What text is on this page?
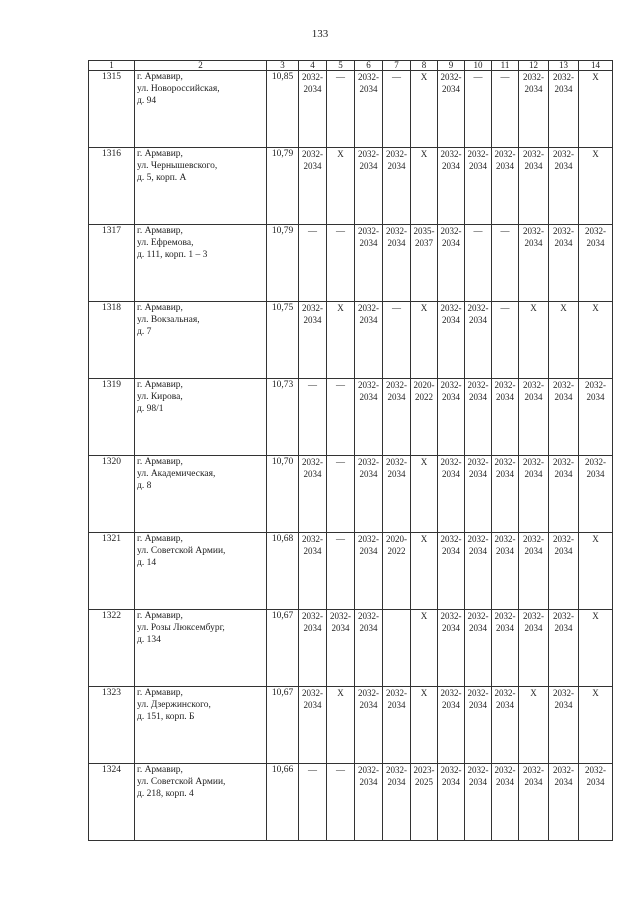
133
1	2	3	4	5	6	7	8	9	10	11	12	13	14
1315	г. Армавир,
ул. Новороссийская,
д. 94	10,85	2032-
2034	—	2032-
2034	—	X	2032-
2034	—	—	2032-
2034	2032-
2034	X

1316	г. Армавир,
ул. Чернышевского,
д. 5, корп. А	10,79	2032-
2034	X	2032-
2034	2032-
2034	X	2032-
2034	2032-
2034	2032-
2034	2032-
2034	2032-
2034	X

1317	г. Армавир,
ул. Ефремова,
д. 111, корп. 1 – 3	10,79	—	—	2032-
2034	2032-
2034	2035-
2037	2032-
2034	—	—	2032-
2034	2032-
2034	2032-
2034

1318	г. Армавир,
ул. Вокзальная,
д. 7	10,75	2032-
2034	X	2032-
2034	—	X	2032-
2034	2032-
2034	—	X	X	X

1319	г. Армавир,
ул. Кирова,
д. 98/1	10,73	—	—	2032-
2034	2032-
2034	2020-
2022	2032-
2034	2032-
2034	2032-
2034	2032-
2034	2032-
2034	2032-
2034

1320	г. Армавир,
ул. Академическая,
д. 8	10,70	2032-
2034	—	2032-
2034	2032-
2034	X	2032-
2034	2032-
2034	2032-
2034	2032-
2034	2032-
2034	2032-
2034

1321	г. Армавир,
ул. Советской Армии,
д. 14	10,68	2032-
2034	—	2032-
2034	2020-
2022	X	2032-
2034	2032-
2034	2032-
2034	2032-
2034	2032-
2034	X

1322	г. Армавир,
ул. Розы Люксембург,
д. 134	10,67	2032-
2034	2032-
2034	2032-
2034		X	2032-
2034	2032-
2034	2032-
2034	2032-
2034	2032-
2034	X

1323	г. Армавир,
ул. Дзержинского,
д. 151, корп. Б	10,67	2032-
2034	X	2032-
2034	2032-
2034	X	2032-
2034	2032-
2034	2032-
2034	X	2032-
2034	X

1324	г. Армавир,
ул. Советской Армии,
д. 218, корп. 4	10,66	—	—	2032-
2034	2032-
2034	2023-
2025	2032-
2034	2032-
2034	2032-
2034	2032-
2034	2032-
2034	2032-
2034
